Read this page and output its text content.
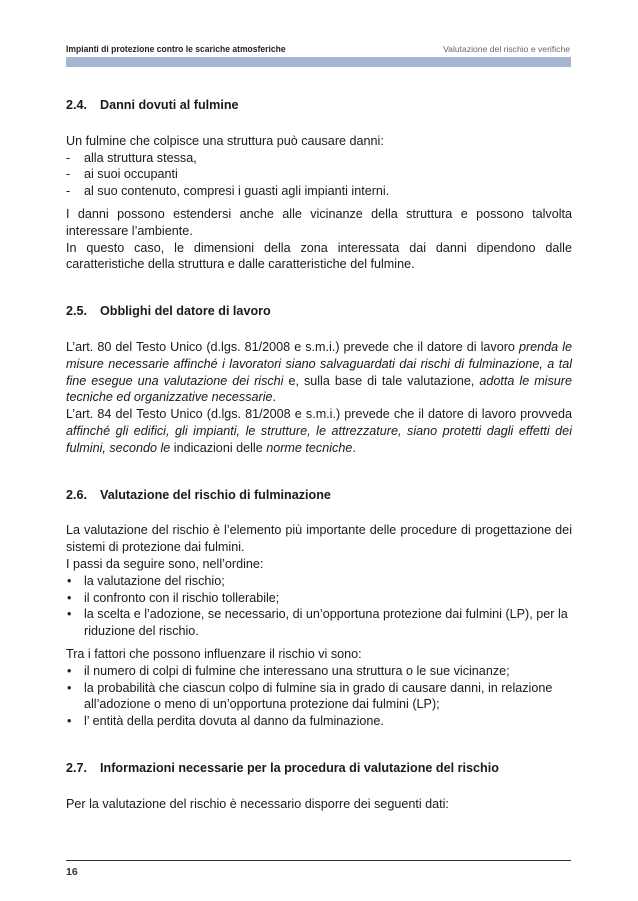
Impianti di protezione contro le scariche atmosferiche	Valutazione del rischio e verifiche
2.4. Danni dovuti al fulmine

Un fulmine che colpisce una struttura può causare danni:

- alla struttura stessa,
- ai suoi occupanti
- al suo contenuto, compresi i guasti agli impianti interni.

I danni possono estendersi anche alle vicinanze della struttura e possono talvolta interessare l’ambiente.

In questo caso, le dimensioni della zona interessata dai danni dipendono dalle caratteristiche della struttura e dalle caratteristiche del fulmine.

2.5. Obblighi del datore di lavoro

L’art. 80 del Testo Unico (d.lgs. 81/2008 e s.m.i.) prevede che il datore di lavoro prenda le misure necessarie affinché i lavoratori siano salvaguardati dai rischi di fulminazione, a tal fine esegue una valutazione dei rischi e, sulla base di tale valutazione, adotta le misure tecniche ed organizzative necessarie.

L’art. 84 del Testo Unico (d.lgs. 81/2008 e s.m.i.) prevede che il datore di lavoro provveda affinché gli edifici, gli impianti, le strutture, le attrezzature, siano protetti dagli effetti dei fulmini, secondo le indicazioni delle norme tecniche.

2.6. Valutazione del rischio di fulminazione

La valutazione del rischio è l’elemento più importante delle procedure di progettazione dei sistemi di protezione dai fulmini.

I passi da seguire sono, nell’ordine:

• la valutazione del rischio;
• il confronto con il rischio tollerabile;
• la scelta e l’adozione, se necessario, di un’opportuna protezione dai fulmini (LP), per la riduzione del rischio.

Tra i fattori che possono influenzare il rischio vi sono:

• il numero di colpi di fulmine che interessano una struttura o le sue vicinanze;
• la probabilità che ciascun colpo di fulmine sia in grado di causare danni, in relazione all’adozione o meno di un’opportuna protezione dai fulmini (LP);
• l’ entità della perdita dovuta al danno da fulminazione.
2.7. Informazioni necessarie per la procedura di valutazione del rischio

Per la valutazione del rischio è necessario disporre dei seguenti dati:

16
